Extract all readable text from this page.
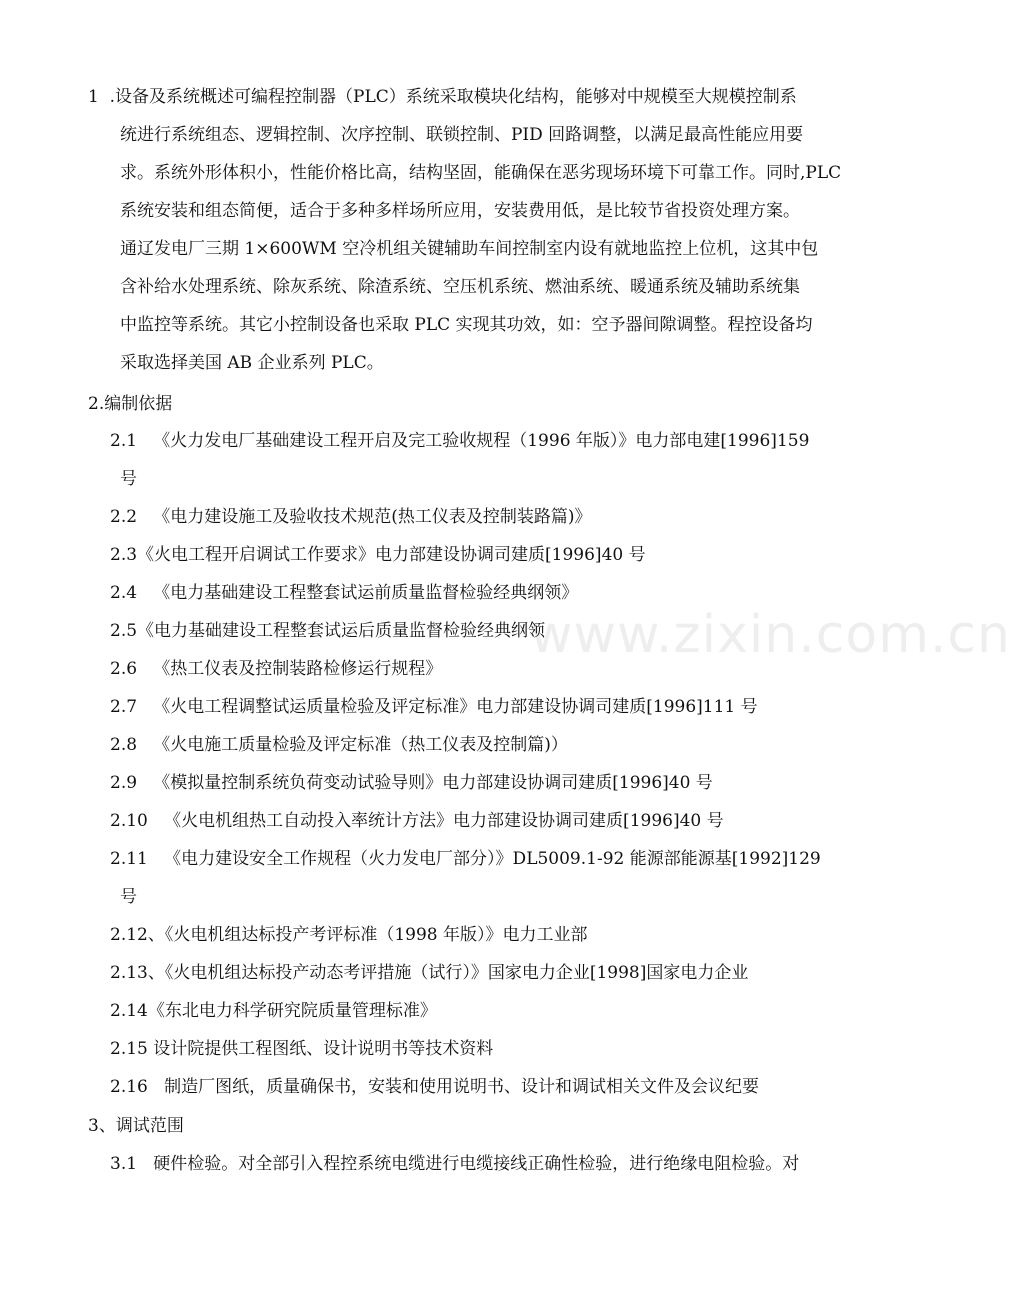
www.zixin.com.cn
1  .设备及系统概述可编程控制器（PLC）系统采取模块化结构，能够对中规模至大规模控制系
统进行系统组态、逻辑控制、次序控制、联锁控制、PID 回路调整，以满足最高性能应用要
求。系统外形体积小，性能价格比高，结构坚固，能确保在恶劣现场环境下可靠工作。同时,PLC
系统安装和组态简便，适合于多种多样场所应用，安装费用低，是比较节省投资处理方案。
通辽发电厂三期 1×600WM 空冷机组关键辅助车间控制室内设有就地监控上位机，这其中包
含补给水处理系统、除灰系统、除渣系统、空压机系统、燃油系统、暖通系统及辅助系统集
中监控等系统。其它小控制设备也采取 PLC 实现其功效，如：空予器间隙调整。程控设备均
采取选择美国 AB 企业系列 PLC。
2.编制依据
2.1   《火力发电厂基础建设工程开启及完工验收规程（1996 年版）》电力部电建[1996]159
号
2.2   《电力建设施工及验收技术规范(热工仪表及控制装路篇)》
2.3《火电工程开启调试工作要求》电力部建设协调司建质[1996]40 号
2.4   《电力基础建设工程整套试运前质量监督检验经典纲领》
2.5《电力基础建设工程整套试运后质量监督检验经典纲领
2.6   《热工仪表及控制装路检修运行规程》
2.7   《火电工程调整试运质量检验及评定标准》电力部建设协调司建质[1996]111 号
2.8   《火电施工质量检验及评定标准（热工仪表及控制篇)）
2.9   《模拟量控制系统负荷变动试验导则》电力部建设协调司建质[1996]40 号
2.10   《火电机组热工自动投入率统计方法》电力部建设协调司建质[1996]40 号
2.11   《电力建设安全工作规程（火力发电厂部分）》DL5009.1-92 能源部能源基[1992]129
号
2.12、《火电机组达标投产考评标准（1998 年版）》电力工业部
2.13、《火电机组达标投产动态考评措施（试行）》国家电力企业[1998]国家电力企业
2.14《东北电力科学研究院质量管理标准》
2.15 设计院提供工程图纸、设计说明书等技术资料
2.16   制造厂图纸，质量确保书，安装和使用说明书、设计和调试相关文件及会议纪要
3、调试范围
3.1   硬件检验。对全部引入程控系统电缆进行电缆接线正确性检验，进行绝缘电阻检验。对
